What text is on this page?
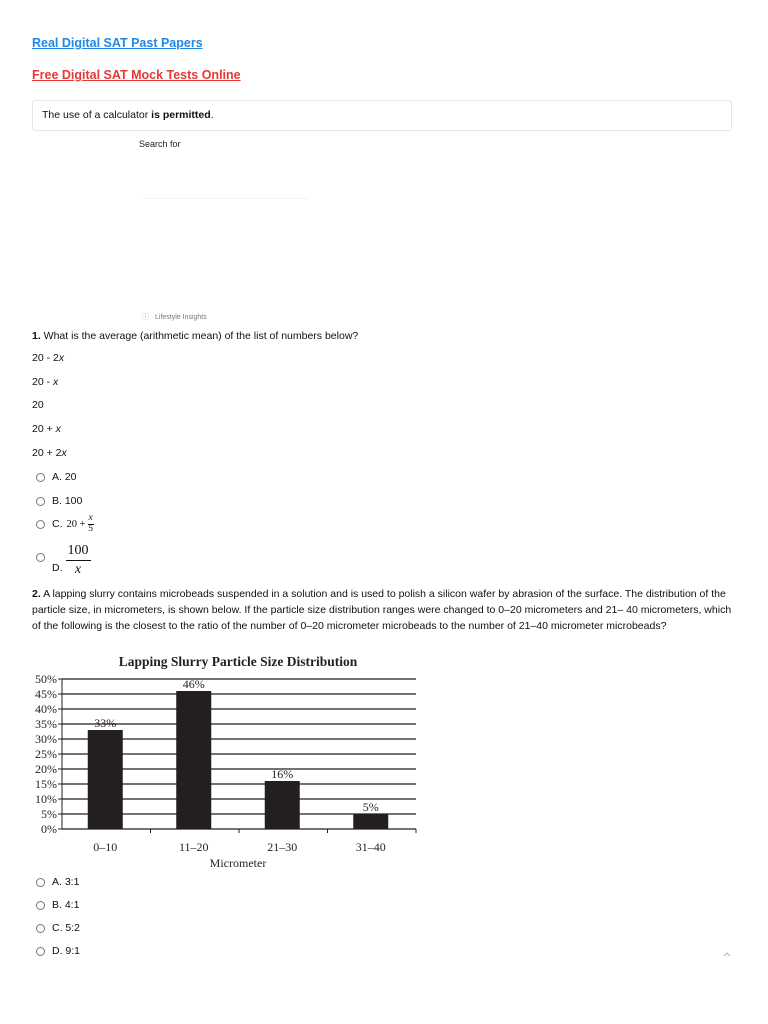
Real Digital SAT Past Papers
Free Digital SAT Mock Tests Online
The use of a calculator is permitted.
Search for
ⓘ Lifestyle Insights
1. What is the average (arithmetic mean) of the list of numbers below?
20 - 2x
20 - x
20
20 + x
20 + 2x
A. 20
B. 100
C. $20 + \frac{x}{5}$
D. $\frac{100}{x}$
2. A lapping slurry contains microbeads suspended in a solution and is used to polish a silicon wafer by abrasion of the surface. The distribution of the particle size, in micrometers, is shown below. If the particle size distribution ranges were changed to 0–20 micrometers and 21– 40 micrometers, which of the following is the closest to the ratio of the number of 0–20 micrometer microbeads to the number of 21–40 micrometer microbeads?
Lapping Slurry Particle Size Distribution
0%
5%
10%
15%
20%
25%
30%
35%
40%
45%
50%
33%
46%
16%
5%
0–10	11–20	21–30	31–40
Micrometer
A. 3:1
B. 4:1
C. 5:2
D. 9:1
